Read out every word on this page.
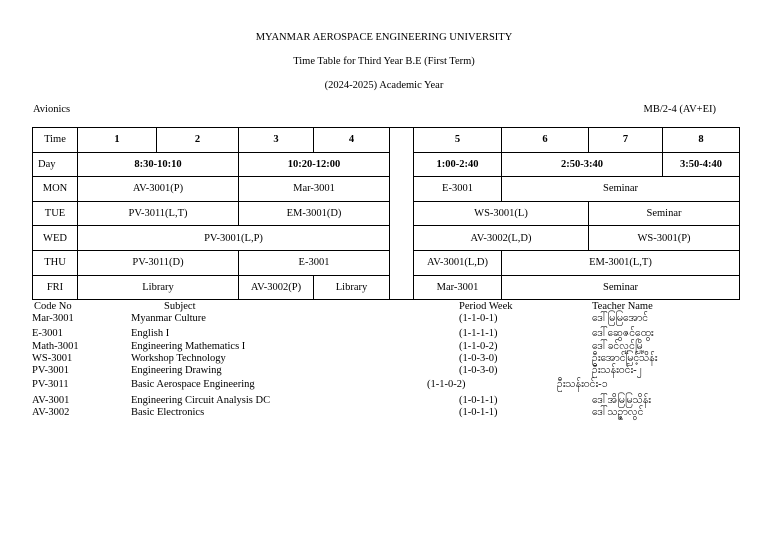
MYANMAR AEROSPACE ENGINEERING UNIVERSITY
Time Table for Third Year B.E (First Term)
(2024-2025) Academic Year
Avionics	MB/2-4 (AV+EI)
Time	1	2	3	4		5	6	7	8
Day	8:30-10:10		10:20-12:00			1:00-2:40	2:50-3:40		3:50-4:40
MON	AV-3001(P)		Mar-3001			E-3001	Seminar		
TUE	PV-3011(L,T)		EM-3001(D)			WS-3001(L)		Seminar	
WED	PV-3001(L,P)					AV-3002(L,D)		WS-3001(P)	
THU	PV-3011(D)		E-3001			AV-3001(L,D)	EM-3001(L,T)		
FRI	Library		AV-3002(P)	Library		Mar-3001	Seminar		
Code No	Subject	Period Week	Teacher Name
Mar-3001	Myanmar Culture	(1-1-0-1)	ဒေါ်မြမြအောင်
E-3001	English I	(1-1-1-1)	ဒေါ်ဆွေဇင်ထွေး
Math-3001	Engineering Mathematics I	(1-1-0-2)	ဒေါ်ခင်လှုင်မြို့
WS-3001	Workshop Technology	(1-0-3-0)	ဦးအောင်မြင့်သိန်း
PV-3001	Engineering Drawing	(1-0-3-0)	ဦးသန်းဝင်း-၂
PV-3011	Basic Aerospace Engineering	(1-1-0-2)	ဦးသန်းဝင်း-၁
AV-3001	Engineering Circuit Analysis DC	(1-0-1-1)	ဒေါ်အိမြမြသိန်း
AV-3002	Basic Electronics	(1-0-1-1)	ဒေါ်သဉ္ဇာလွင်
